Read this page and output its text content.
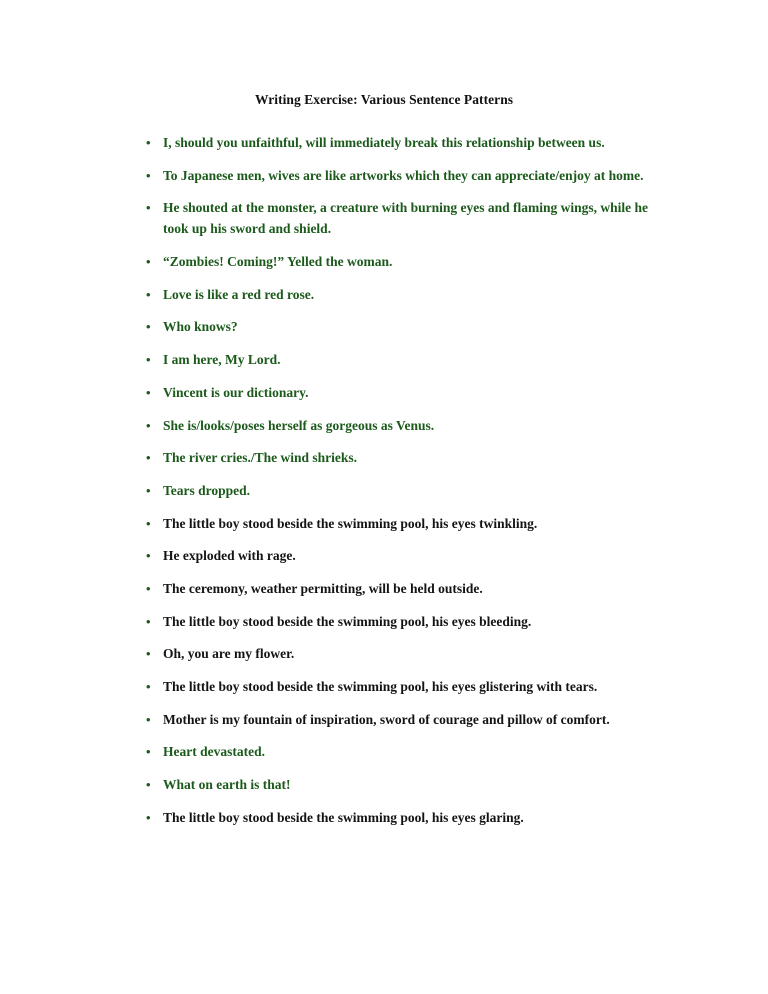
Writing Exercise: Various Sentence Patterns
• I, should you unfaithful, will immediately break this relationship between us.
• To Japanese men, wives are like artworks which they can appreciate/enjoy at home.
• He shouted at the monster, a creature with burning eyes and flaming wings, while he took up his sword and shield.
• “Zombies! Coming!” Yelled the woman.
• Love is like a red red rose.
• Who knows?
• I am here, My Lord.
• Vincent is our dictionary.
• She is/looks/poses herself as gorgeous as Venus.
• The river cries./The wind shrieks.
• Tears dropped.
• The little boy stood beside the swimming pool, his eyes twinkling.
• He exploded with rage.
• The ceremony, weather permitting, will be held outside.
• The little boy stood beside the swimming pool, his eyes bleeding.
• Oh, you are my flower.
• The little boy stood beside the swimming pool, his eyes glistering with tears.
• Mother is my fountain of inspiration, sword of courage and pillow of comfort.
• Heart devastated.
• What on earth is that!
• The little boy stood beside the swimming pool, his eyes glaring.
